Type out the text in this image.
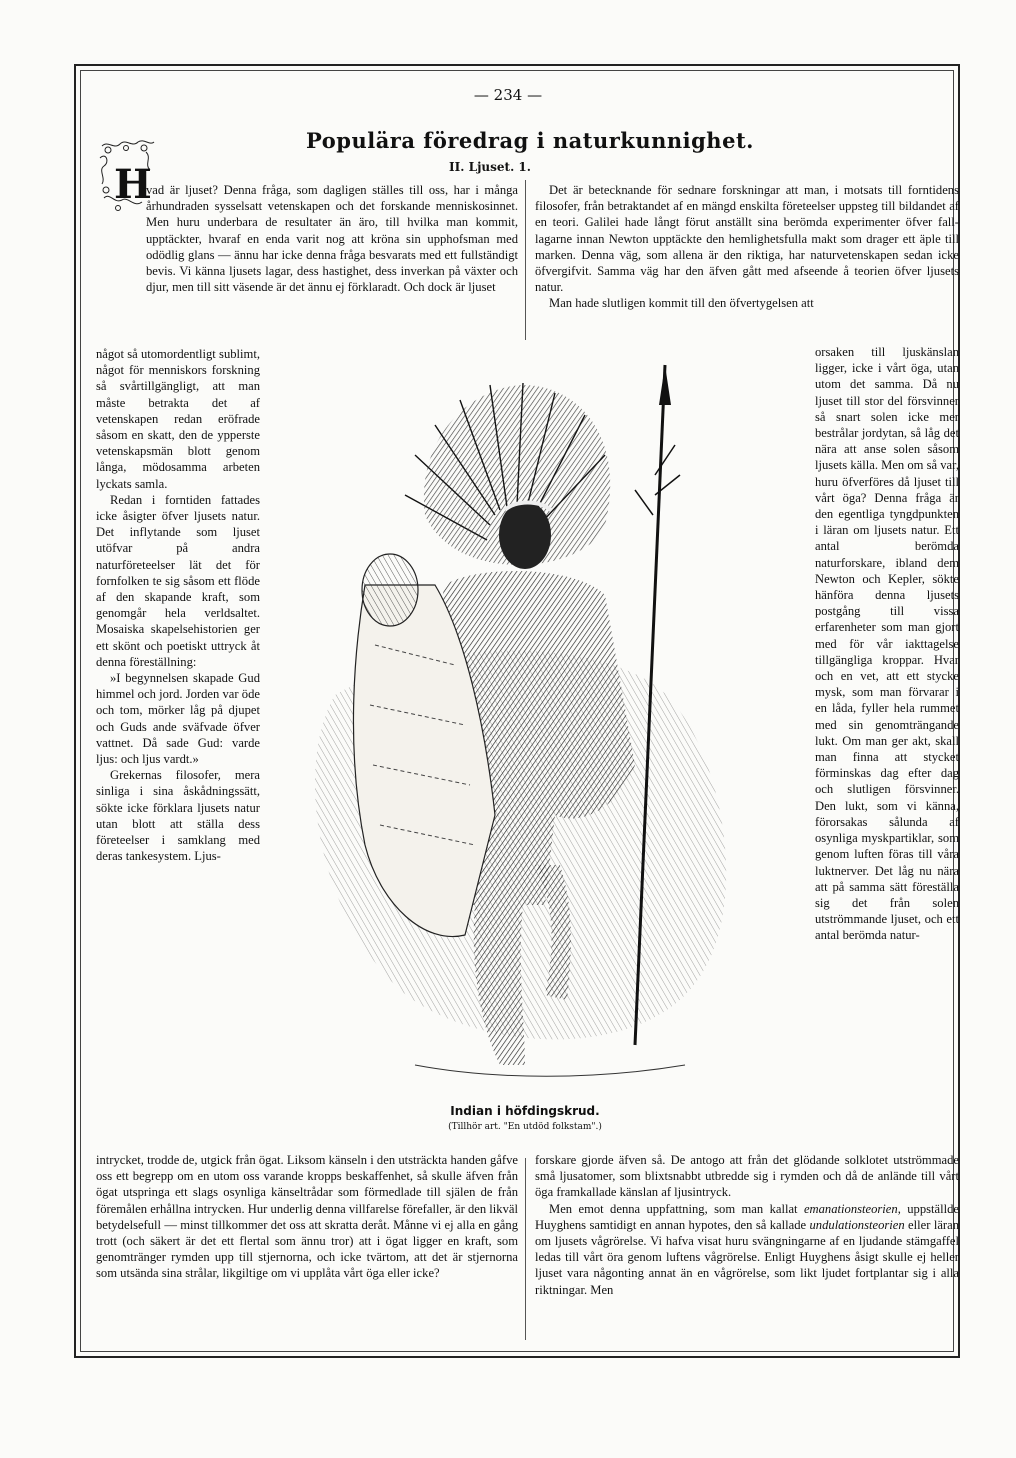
— 234 —
Populära föredrag i naturkunnighet.
II. Ljuset. 1.
H

vad är ljuset? Denna fråga, som dagligen ställes till oss, har i många århundraden sysselsatt vetenskapen och det forskande menniskosinnet. Men huru underbara de resultater än äro, till hvilka man kommit, upptäckter, hvaraf en enda varit nog att kröna sin upphofsman med odödlig glans — ännu har icke denna fråga besvarats med ett fullständigt bevis. Vi känna ljusets lagar, dess hastighet, dess inverkan på växter och djur, men till sitt väsende är det ännu ej förklaradt. Och dock är ljuset

något så utomordentligt sublimt, något för menniskors forskning så svårtillgängligt, att man måste betrakta det af vetenskapen redan eröfrade såsom en skatt, den de ypperste vetenskapsmän blott genom långa, mödosamma arbeten lyckats samla.

Redan i forntiden fattades icke åsigter öfver ljusets natur. Det inflytande som ljuset utöfvar på andra naturföreteelser lät det för fornfolken te sig såsom ett flöde af den skapande kraft, som genomgår hela verldsaltet. Mosaiska skapelsehistorien ger ett skönt och poetiskt uttryck åt denna föreställning:

»I begynnelsen skapade Gud himmel och jord. Jorden var öde och tom, mörker låg på djupet och Guds ande sväfvade öfver vattnet. Då sade Gud: varde ljus: och ljus vardt.»

Grekernas filosofer, mera sinliga i sina åskådningssätt, sökte icke förklara ljusets natur utan blott att ställa dess företeelser i samklang med deras tankesystem. Ljus-

intrycket, trodde de, utgick från ögat. Liksom känseln i den utsträckta handen gåfve oss ett begrepp om en utom oss varande kropps beskaffenhet, så skulle äfven från ögat utspringa ett slags osynliga känseltrådar som förmedlade till själen de från föremålen erhållna intrycken. Hur underlig denna villfarelse förefaller, är den likväl betydelsefull — minst tillkommer det oss att skratta deråt. Månne vi ej alla en gång trott (och säkert är det ett flertal som ännu tror) att i ögat ligger en kraft, som genomtränger rymden upp till stjernorna, och icke tvärtom, att det är stjernorna som utsända sina strålar, likgiltige om vi upplåta vårt öga eller icke?

Det är betecknande för sednare forskningar att man, i motsats till forntidens filosofer, från betraktandet af en mängd enskilta företeelser uppsteg till bildandet af en teori. Galilei hade långt förut anställt sina berömda experimenter öfver fall-lagarne innan Newton upptäckte den hemlighetsfulla makt som drager ett äple till marken. Denna väg, som allena är den riktiga, har naturvetenskapen sedan icke öfvergifvit. Samma väg har den äfven gått med afseende å teorien öfver ljusets natur.

Man hade slutligen kommit till den öfvertygelsen att

orsaken till ljuskänslan ligger, icke i vårt öga, utan utom det samma. Då nu ljuset till stor del försvinner så snart solen icke mer bestrålar jordytan, så låg det nära att anse solen såsom ljusets källa. Men om så var, huru öfverföres då ljuset till vårt öga? Denna fråga är den egentliga tyngdpunkten i läran om ljusets natur. Ett antal berömda naturforskare, ibland dem Newton och Kepler, sökte hänföra denna ljusets postgång till vissa erfarenheter som man gjort med för vår iakttagelse tillgängliga kroppar. Hvar och en vet, att ett stycke mysk, som man förvarar i en låda, fyller hela rummet med sin genomträngande lukt. Om man ger akt, skall man finna att stycket förminskas dag efter dag och slutligen försvinner. Den lukt, som vi känna, förorsakas sålunda af osynliga myskpartiklar, som genom luften föras till våra luktnerver. Det låg nu nära att på samma sätt föreställa sig det från solen utströmmande ljuset, och ett antal berömda natur-

forskare gjorde äfven så. De antogo att från det glödande solklotet utströmmade små ljusatomer, som blixtsnabbt utbredde sig i rymden och då de anlände till vårt öga framkallade känslan af ljusintryck.

Men emot denna uppfattning, som man kallat emanationsteorien, uppställde Huyghens samtidigt en annan hypotes, den så kallade undulationsteorien eller läran om ljusets vågrörelse. Vi hafva visat huru svängningarne af en ljudande stämgaffel ledas till vårt öra genom luftens vågrörelse. Enligt Huyghens åsigt skulle ej heller ljuset vara någonting annat än en vågrörelse, som likt ljudet fortplantar sig i alla riktningar. Men

Indian i höfdingskrud.
(Tillhör art. "En utdöd folkstam".)
